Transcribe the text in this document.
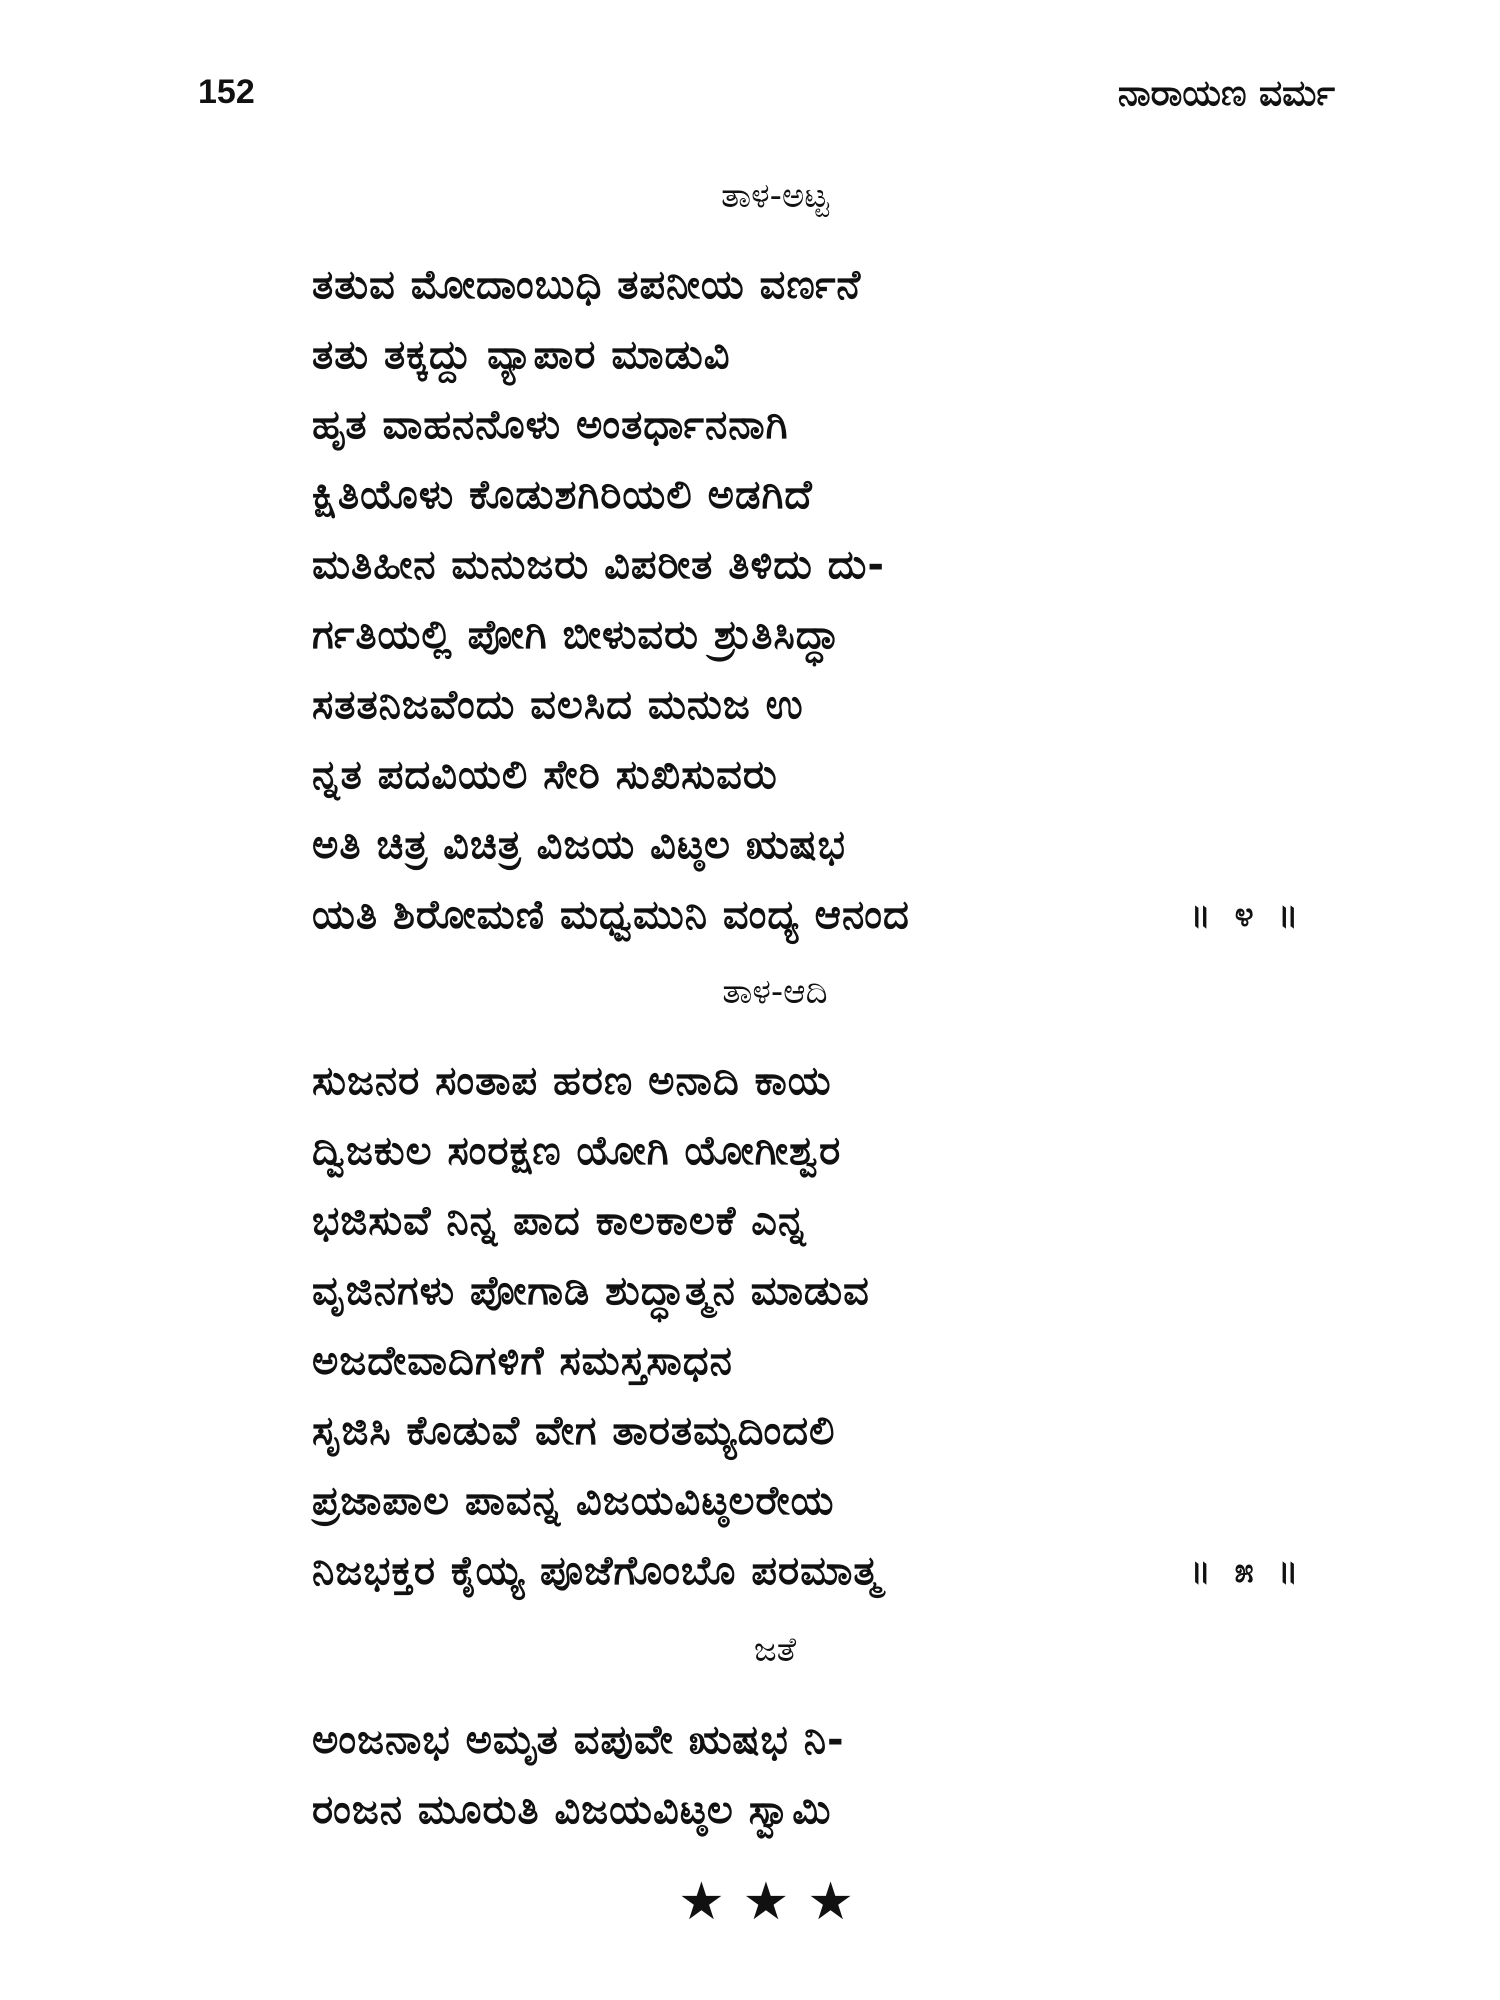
152	ನಾರಾಯಣ ವರ್ಮ
ತಾಳ-ಅಟ್ಟ
ತತುವ ಮೋದಾಂಬುಧಿ ತಪನೀಯ ವರ್ಣನೆ
ತತು ತಕ್ಕದ್ದು ವ್ಯಾಪಾರ ಮಾಡುವಿ
ಹೃತ ವಾಹನನೊಳು ಅಂತರ್ಧಾನನಾಗಿ
ಕ್ಷಿತಿಯೊಳು ಕೊಡುಶಗಿರಿಯಲಿ ಅಡಗಿದೆ
ಮತಿಹೀನ ಮನುಜರು ವಿಪರೀತ ತಿಳಿದು ದು-
ರ್ಗತಿಯಲ್ಲಿ ಪೋಗಿ ಬೀಳುವರು ಶ್ರುತಿಸಿದ್ಧಾ
ಸತತನಿಜವೆಂದು ವಲಸಿದ ಮನುಜ ಉ
ನ್ನತ ಪದವಿಯಲಿ ಸೇರಿ ಸುಖಿಸುವರು
ಅತಿ ಚಿತ್ರ ವಿಚಿತ್ರ ವಿಜಯ ವಿಟ್ಠಲ ಋಷಭ
ಯತಿ ಶಿರೋಮಣಿ ಮಧ್ವಮುನಿ ವಂದ್ಯ ಆನಂದ	॥ ೪ ॥
ತಾಳ-ಆದಿ
ಸುಜನರ ಸಂತಾಪ ಹರಣ ಅನಾದಿ ಕಾಯ
ದ್ವಿಜಕುಲ ಸಂರಕ್ಷಣ ಯೋಗಿ ಯೋಗೀಶ್ವರ
ಭಜಿಸುವೆ ನಿನ್ನ ಪಾದ ಕಾಲಕಾಲಕೆ ಎನ್ನ
ವೃಜಿನಗಳು ಪೋಗಾಡಿ ಶುದ್ಧಾತ್ಮನ ಮಾಡುವ
ಅಜದೇವಾದಿಗಳಿಗೆ ಸಮಸ್ತಸಾಧನ
ಸೃಜಿಸಿ ಕೊಡುವೆ ವೇಗ ತಾರತಮ್ಯದಿಂದಲಿ
ಪ್ರಜಾಪಾಲ ಪಾವನ್ನ ವಿಜಯವಿಟ್ಠಲರೇಯ
ನಿಜಭಕ್ತರ ಕೈಯ್ಯ ಪೂಜೆಗೊಂಬೊ ಪರಮಾತ್ಮ	॥ ೫ ॥
ಜತೆ
ಅಂಜನಾಭ ಅಮೃತ ವಪುವೇ ಋಷಭ ನಿ-
ರಂಜನ ಮೂರುತಿ ವಿಜಯವಿಟ್ಠಲ ಸ್ವಾಮಿ
★★★
